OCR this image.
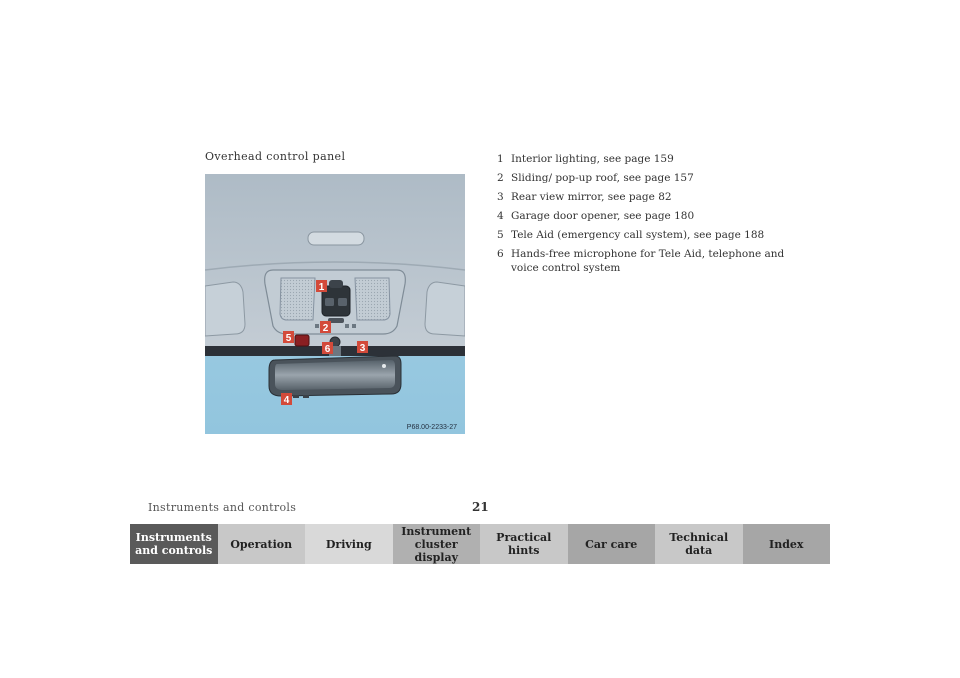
Overhead control panel
1
2
3
4
5
6
P68.00-2233-27
1 Interior lighting, see page 159
2 Sliding/ pop-up roof, see page 157
3 Rear view mirror, see page 82
4 Garage door opener, see page 180
5 Tele Aid (emergency call system), see page 188
6 Hands-free microphone for Tele Aid, telephone and voice control system
Instruments and controls	21
Instruments
and controls	Operation	Driving
Instrument
cluster display
Practical hints	Car care	Technical
data	Index
